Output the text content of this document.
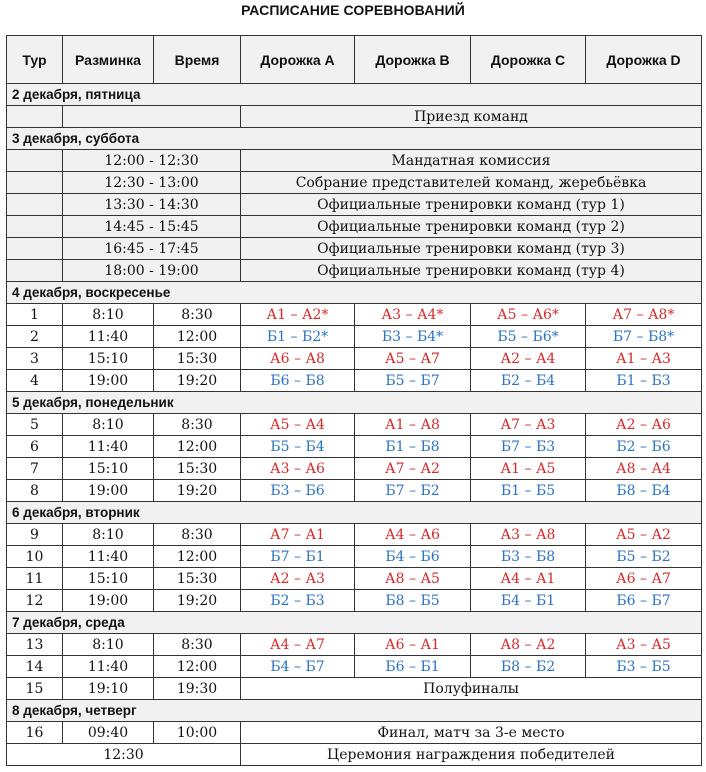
РАСПИСАНИЕ СОРЕВНОВАНИЙ
Тур	Разминка	Время	Дорожка A	Дорожка B	Дорожка C	Дорожка D
2 декабря, пятница						
			Приезд команд			
3 декабря, суббота						
	12:00 - 12:30		Мандатная комиссия			
	12:30 - 13:00		Собрание представителей команд, жеребьёвка			
	13:30 - 14:30		Официальные тренировки команд (тур 1)			
	14:45 - 15:45		Официальные тренировки команд (тур 2)			
	16:45 - 17:45		Официальные тренировки команд (тур 3)			
	18:00 - 19:00		Официальные тренировки команд (тур 4)			
4 декабря, воскресенье						
1	8:10	8:30	А1 – А2*	А3 – А4*	А5 – А6*	А7 – А8*
2	11:40	12:00	Б1 – Б2*	Б3 – Б4*	Б5 – Б6*	Б7 – Б8*
3	15:10	15:30	А6 – А8	А5 – А7	А2 – А4	А1 – А3
4	19:00	19:20	Б6 – Б8	Б5 – Б7	Б2 – Б4	Б1 – Б3
5 декабря, понедельник						
5	8:10	8:30	А5 – А4	А1 – А8	А7 – А3	А2 – А6
6	11:40	12:00	Б5 – Б4	Б1 – Б8	Б7 – Б3	Б2 – Б6
7	15:10	15:30	А3 – А6	А7 – А2	А1 – А5	А8 – А4
8	19:00	19:20	Б3 – Б6	Б7 – Б2	Б1 – Б5	Б8 – Б4
6 декабря, вторник						
9	8:10	8:30	А7 – А1	А4 – А6	А3 – А8	А5 – А2
10	11:40	12:00	Б7 – Б1	Б4 – Б6	Б3 – Б8	Б5 – Б2
11	15:10	15:30	А2 – А3	А8 – А5	А4 – А1	А6 – А7
12	19:00	19:20	Б2 – Б3	Б8 – Б5	Б4 – Б1	Б6 – Б7
7 декабря, среда						
13	8:10	8:30	А4 – А7	А6 – А1	А8 – А2	А3 – А5
14	11:40	12:00	Б4 – Б7	Б6 – Б1	Б8 – Б2	Б3 – Б5
15	19:10	19:30	Полуфиналы			
8 декабря, четверг						
16	09:40	10:00	Финал, матч за 3-е место			
12:30			Церемония награждения победителей			
